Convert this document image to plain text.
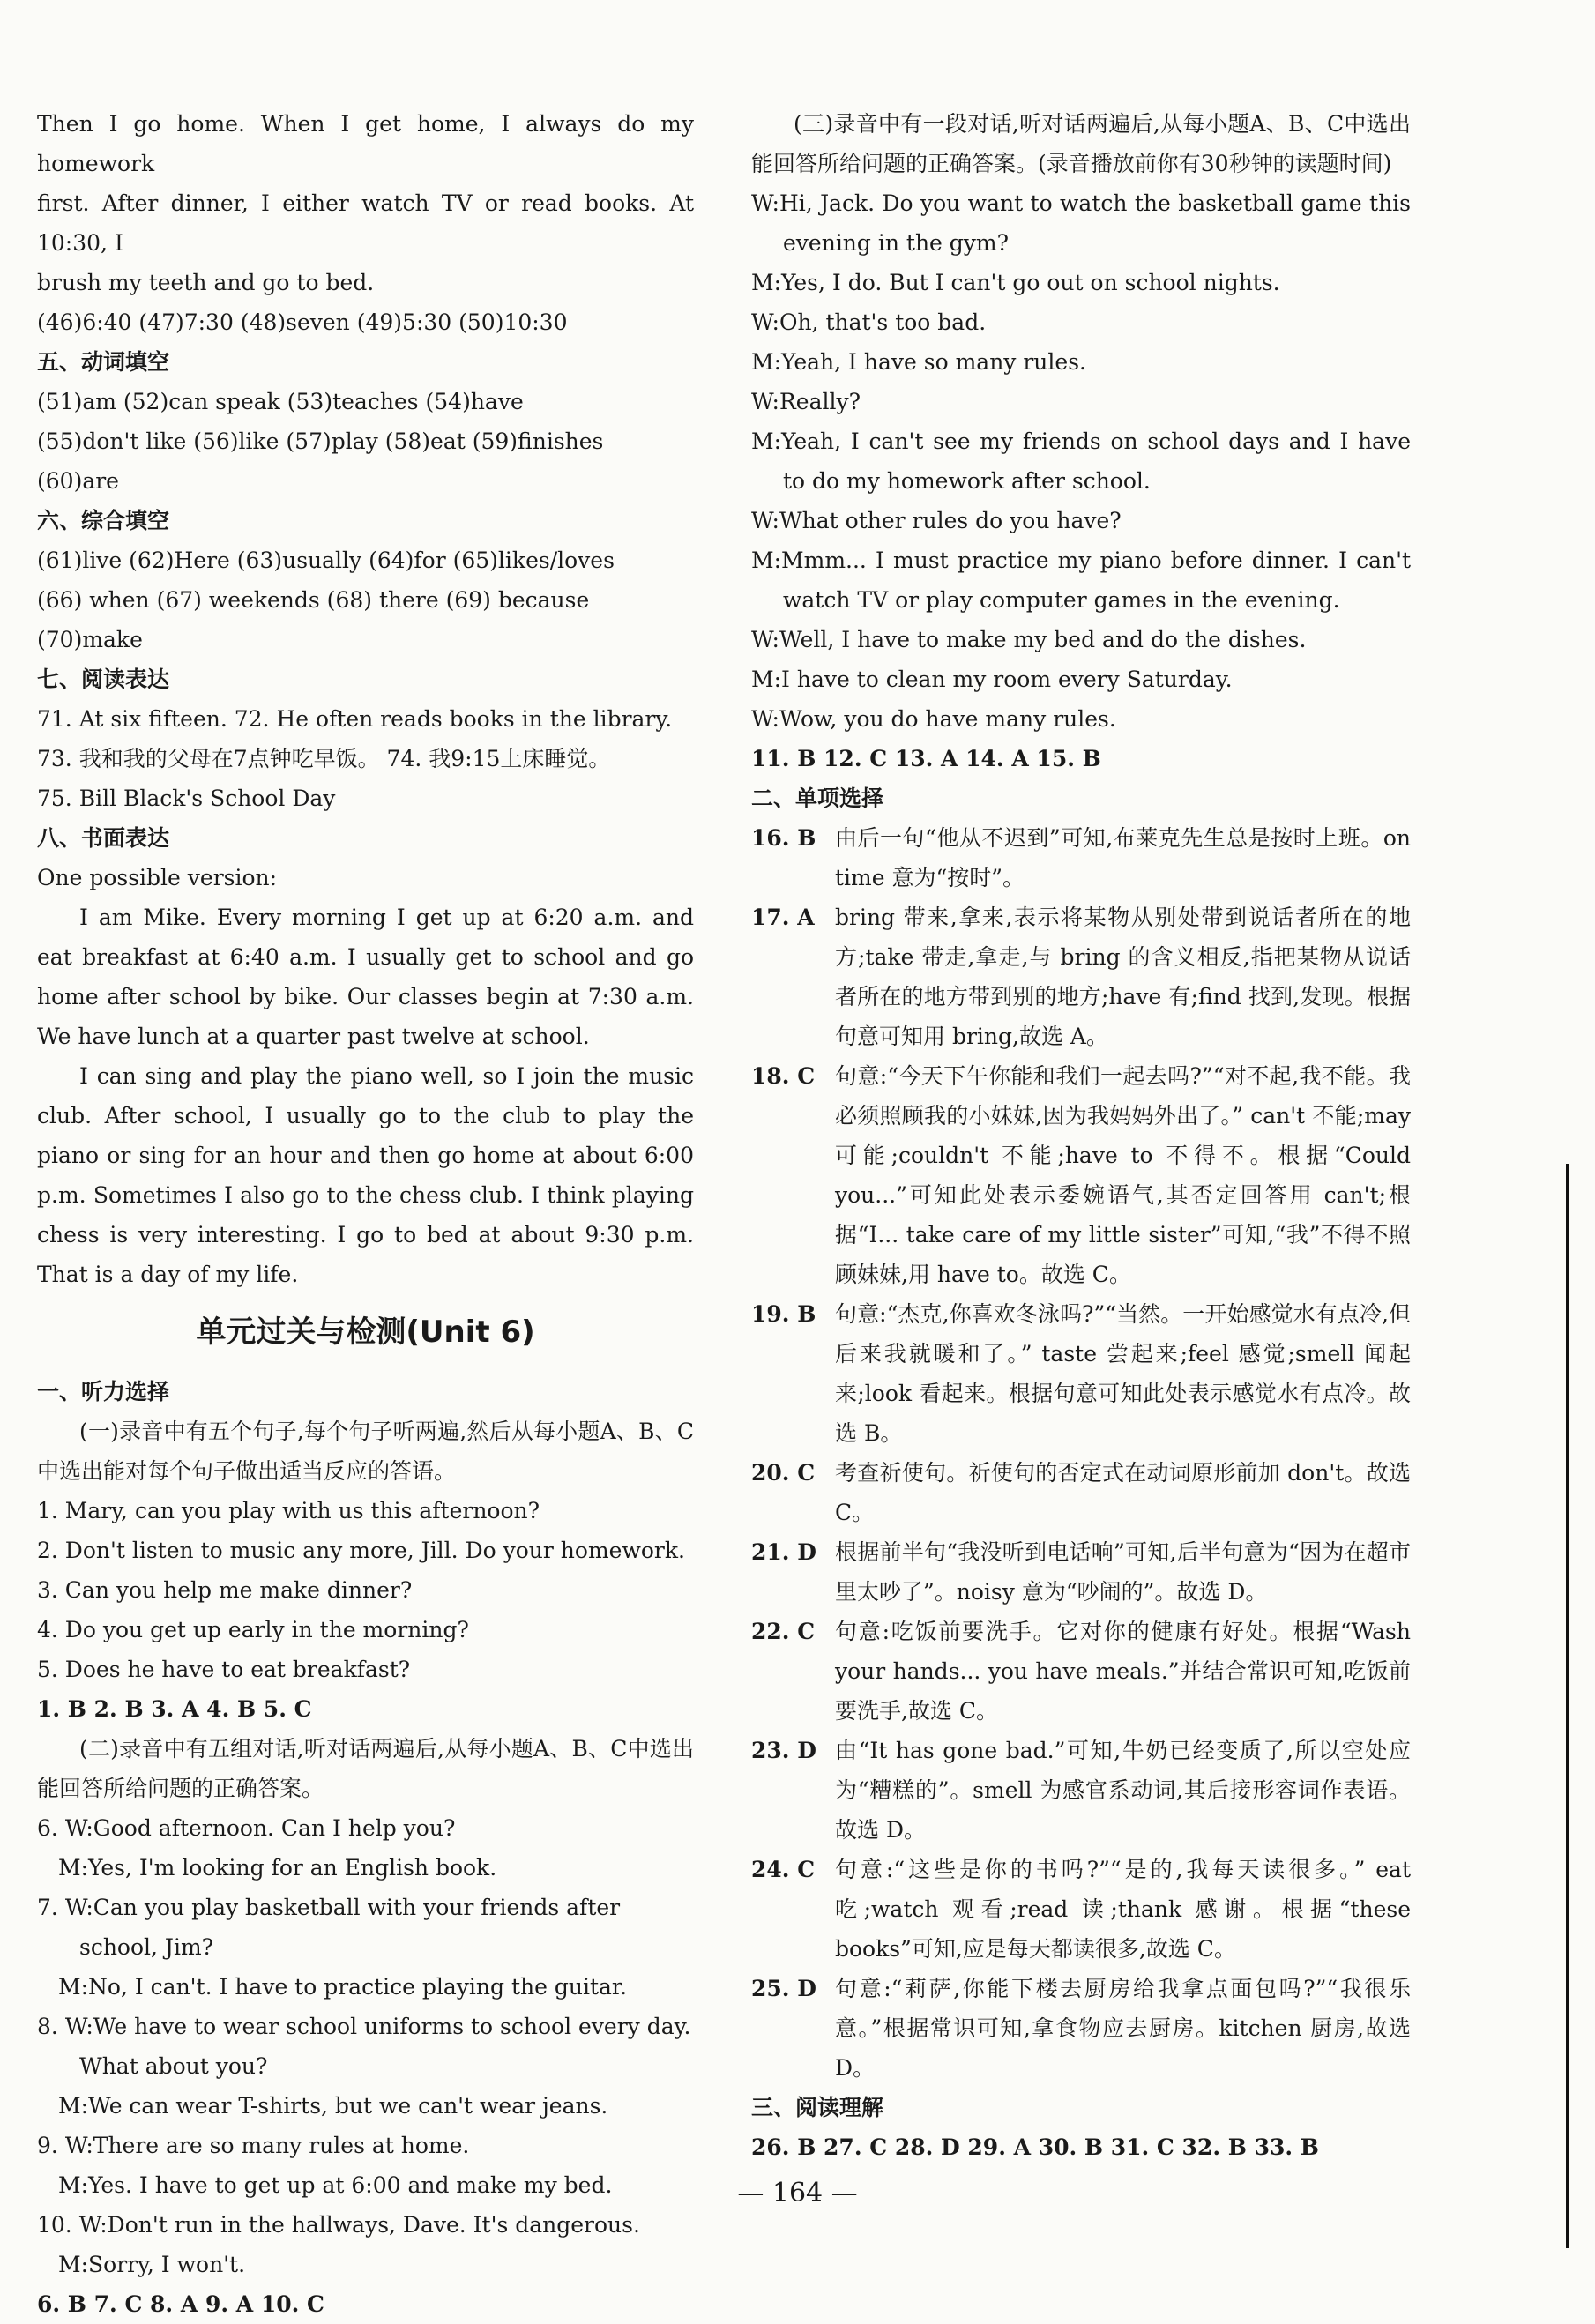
Then I go home. When I get home, I always do my homework
first. After dinner, I either watch TV or read books. At 10:30, I
brush my teeth and go to bed.
(46)6:40 (47)7:30 (48)seven (49)5:30 (50)10:30
五、动词填空
(51)am (52)can speak (53)teaches (54)have
(55)don't like (56)like (57)play (58)eat (59)finishes
(60)are
六、综合填空
(61)live (62)Here (63)usually (64)for (65)likes/loves
(66) when (67) weekends (68) there (69) because
(70)make
七、阅读表达
71. At six fifteen. 72. He often reads books in the library.
73. 我和我的父母在7点钟吃早饭。 74. 我9:15上床睡觉。
75. Bill Black's School Day
八、书面表达
One possible version:
I am Mike. Every morning I get up at 6:20 a.m. and eat breakfast at 6:40 a.m. I usually get to school and go home after school by bike. Our classes begin at 7:30 a.m. We have lunch at a quarter past twelve at school.
I can sing and play the piano well, so I join the music club. After school, I usually go to the club to play the piano or sing for an hour and then go home at about 6:00 p.m. Sometimes I also go to the chess club. I think playing chess is very interesting. I go to bed at about 9:30 p.m. That is a day of my life.
单元过关与检测(Unit 6)
一、听力选择
(一)录音中有五个句子,每个句子听两遍,然后从每小题A、B、C中选出能对每个句子做出适当反应的答语。
1. Mary, can you play with us this afternoon?
2. Don't listen to music any more, Jill. Do your homework.
3. Can you help me make dinner?
4. Do you get up early in the morning?
5. Does he have to eat breakfast?
1. B 2. B 3. A 4. B 5. C
(二)录音中有五组对话,听对话两遍后,从每小题A、B、C中选出能回答所给问题的正确答案。
6. W:Good afternoon. Can I help you?
M:Yes, I'm looking for an English book.
7. W:Can you play basketball with your friends after school, Jim?
M:No, I can't. I have to practice playing the guitar.
8. W:We have to wear school uniforms to school every day. What about you?
M:We can wear T-shirts, but we can't wear jeans.
9. W:There are so many rules at home.
M:Yes. I have to get up at 6:00 and make my bed.
10. W:Don't run in the hallways, Dave. It's dangerous.
M:Sorry, I won't.
6. B 7. C 8. A 9. A 10. C
(三)录音中有一段对话,听对话两遍后,从每小题A、B、C中选出能回答所给问题的正确答案。(录音播放前你有30秒钟的读题时间)
W:Hi, Jack. Do you want to watch the basketball game this evening in the gym?
M:Yes, I do. But I can't go out on school nights.
W:Oh, that's too bad.
M:Yeah, I have so many rules.
W:Really?
M:Yeah, I can't see my friends on school days and I have to do my homework after school.
W:What other rules do you have?
M:Mmm... I must practice my piano before dinner. I can't watch TV or play computer games in the evening.
W:Well, I have to make my bed and do the dishes.
M:I have to clean my room every Saturday.
W:Wow, you do have many rules.
11. B 12. C 13. A 14. A 15. B
二、单项选择
16. B 由后一句“他从不迟到”可知,布莱克先生总是按时上班。on time 意为“按时”。
17. A bring 带来,拿来,表示将某物从别处带到说话者所在的地方;take 带走,拿走,与 bring 的含义相反,指把某物从说话者所在的地方带到别的地方;have 有;find 找到,发现。根据句意可知用 bring,故选 A。
18. C 句意:“今天下午你能和我们一起去吗?”“对不起,我不能。我必须照顾我的小妹妹,因为我妈妈外出了。” can't 不能;may 可能;couldn't 不能;have to 不得不。根据“Could you...”可知此处表示委婉语气,其否定回答用 can't;根据“I... take care of my little sister”可知,“我”不得不照顾妹妹,用 have to。故选 C。
19. B 句意:“杰克,你喜欢冬泳吗?”“当然。一开始感觉水有点冷,但后来我就暖和了。” taste 尝起来;feel 感觉;smell 闻起来;look 看起来。根据句意可知此处表示感觉水有点冷。故选 B。
20. C 考查祈使句。祈使句的否定式在动词原形前加 don't。故选 C。
21. D 根据前半句“我没听到电话响”可知,后半句意为“因为在超市里太吵了”。noisy 意为“吵闹的”。故选 D。
22. C 句意:吃饭前要洗手。它对你的健康有好处。根据“Wash your hands... you have meals.”并结合常识可知,吃饭前要洗手,故选 C。
23. D 由“It has gone bad.”可知,牛奶已经变质了,所以空处应为“糟糕的”。smell 为感官系动词,其后接形容词作表语。故选 D。
24. C 句意:“这些是你的书吗?”“是的,我每天读很多。” eat 吃;watch 观看;read 读;thank 感谢。根据“these books”可知,应是每天都读很多,故选 C。
25. D 句意:“莉萨,你能下楼去厨房给我拿点面包吗?”“我很乐意。”根据常识可知,拿食物应去厨房。kitchen 厨房,故选 D。
三、阅读理解
26. B 27. C 28. D 29. A 30. B 31. C 32. B 33. B
— 164 —
